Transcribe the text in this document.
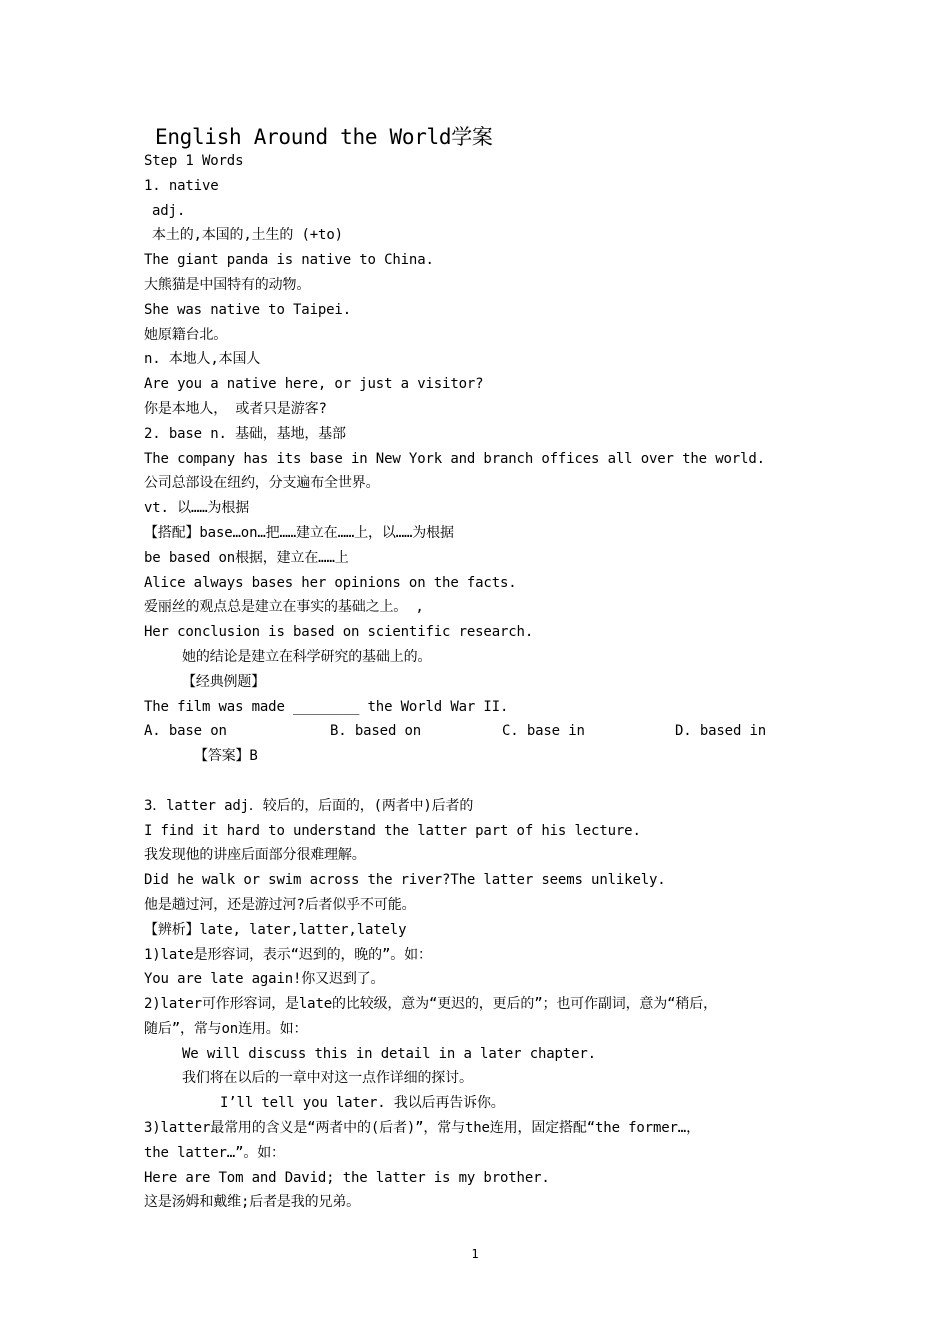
English Around the World学案
Step 1 Words
1. native
adj.
本土的,本国的,土生的 (+to)
The giant panda is native to China.
大熊猫是中国特有的动物。
She was native to Taipei.
她原籍台北。
n. 本地人,本国人
Are you a native here, or just a visitor?
你是本地人， 或者只是游客?
2. base n. 基础，基地，基部
The company has its base in New York and branch offices all over the world.
公司总部设在纽约，分支遍布全世界。
vt. 以……为根据
【搭配】base…on…把……建立在……上，以……为根据
be based on根据，建立在……上
Alice always bases her opinions on the facts.
爱丽丝的观点总是建立在事实的基础之上。 ,
Her conclusion is based on scientific research.
她的结论是建立在科学研究的基础上的。
【经典例题】
The film was made ________ the World War II.
A. base on	B. based on	C. base in	D. based in
【答案】B
3．latter adj．较后的，后面的，(两者中)后者的
I find it hard to understand the latter part of his lecture.
我发现他的讲座后面部分很难理解。
Did he walk or swim across the river?The latter seems unlikely.
他是趟过河，还是游过河?后者似乎不可能。
【辨析】late, later,latter,lately
1)late是形容词，表示“迟到的，晚的”。如：
You are late again!你又迟到了。
2)later可作形容词，是late的比较级，意为“更迟的，更后的”；也可作副词，意为“稍后，
随后”，常与on连用。如：
We will discuss this in detail in a later chapter.
我们将在以后的一章中对这一点作详细的探讨。
I’ll tell you later. 我以后再告诉你。
3)latter最常用的含义是“两者中的(后者)”，常与the连用，固定搭配“the former…，
the latter…”。如：
Here are Tom and David; the latter is my brother.
这是汤姆和戴维;后者是我的兄弟。
1
